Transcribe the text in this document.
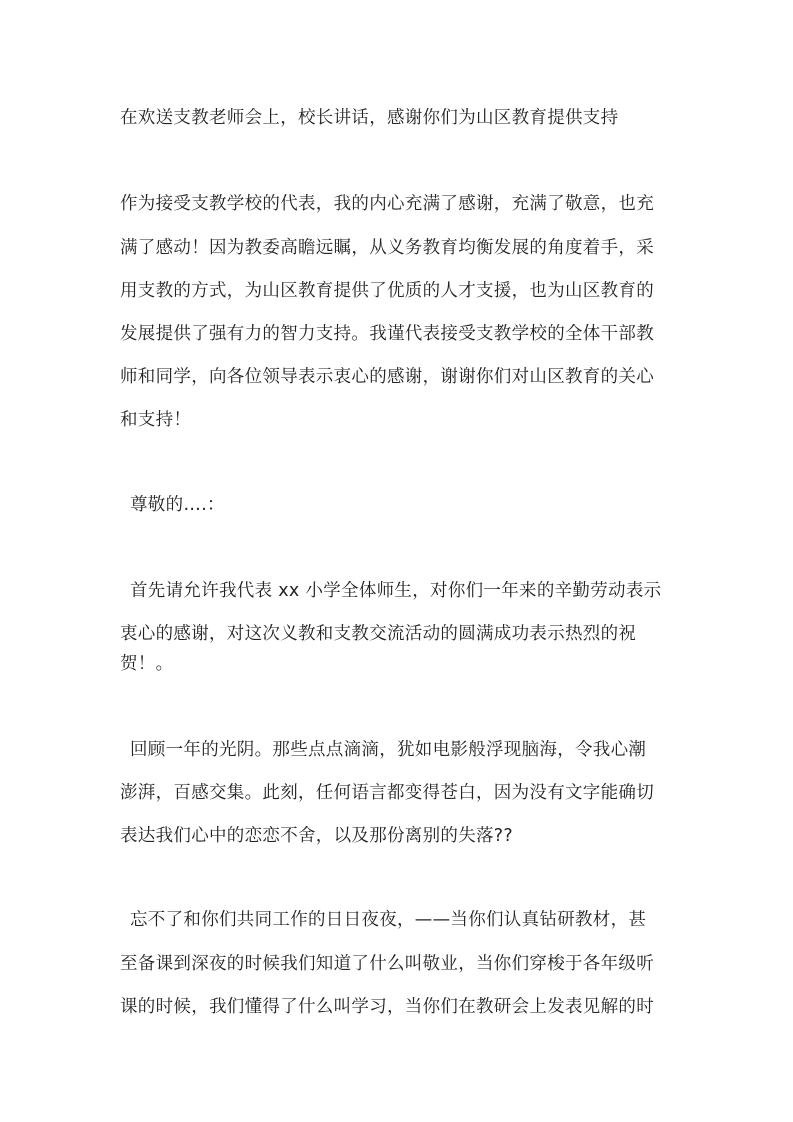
在欢送支教老师会上，校长讲话，感谢你们为山区教育提供支持
作为接受支教学校的代表，我的内心充满了感谢，充满了敬意，也充
满了感动！因为教委高瞻远瞩，从义务教育均衡发展的角度着手，采
用支教的方式，为山区教育提供了优质的人才支援，也为山区教育的
发展提供了强有力的智力支持。我谨代表接受支教学校的全体干部教
师和同学，向各位领导表示衷心的感谢，谢谢你们对山区教育的关心
和支持！
尊敬的….：
首先请允许我代表 xx 小学全体师生，对你们一年来的辛勤劳动表示
衷心的感谢，对这次义教和支教交流活动的圆满成功表示热烈的祝
贺！。
回顾一年的光阴。那些点点滴滴，犹如电影般浮现脑海，令我心潮
澎湃，百感交集。此刻，任何语言都变得苍白，因为没有文字能确切
表达我们心中的恋恋不舍，以及那份离别的失落??
忘不了和你们共同工作的日日夜夜，——当你们认真钻研教材，甚
至备课到深夜的时候我们知道了什么叫敬业，当你们穿梭于各年级听
课的时候，我们懂得了什么叫学习，当你们在教研会上发表见解的时
